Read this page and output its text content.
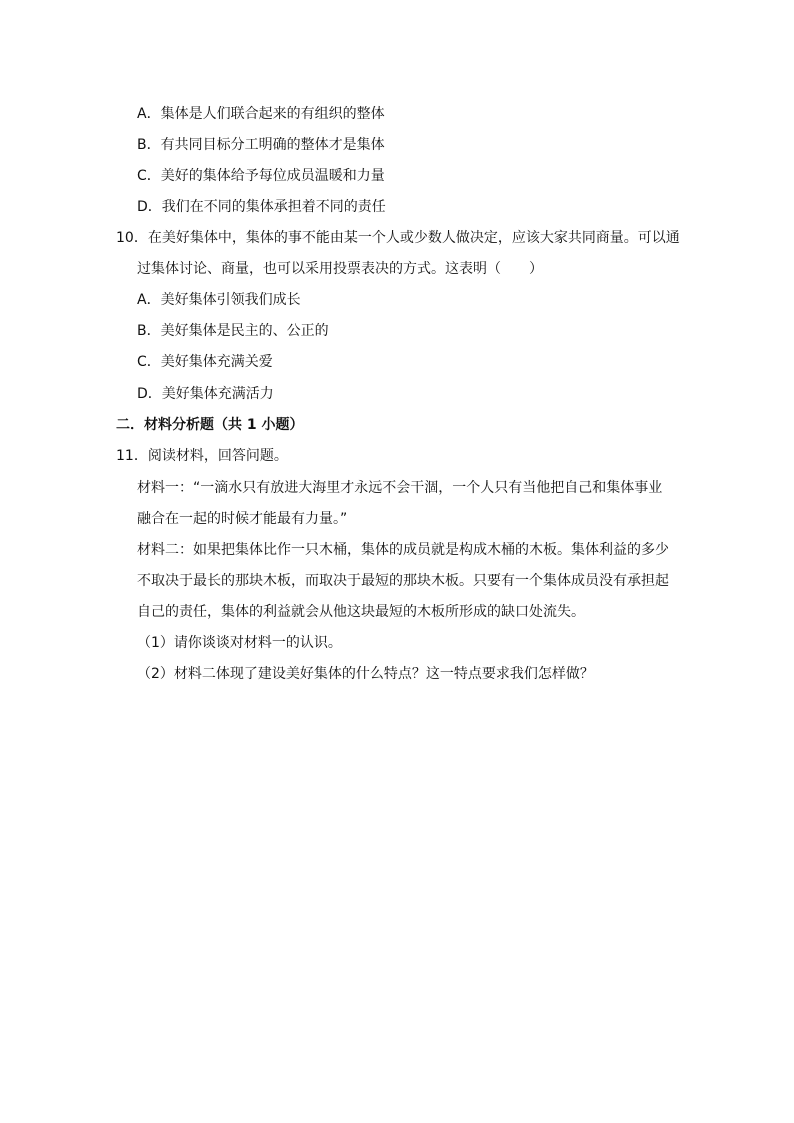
A．集体是人们联合起来的有组织的整体
B．有共同目标分工明确的整体才是集体
C．美好的集体给予每位成员温暖和力量
D．我们在不同的集体承担着不同的责任
10．在美好集体中，集体的事不能由某一个人或少数人做决定，应该大家共同商量。可以通
过集体讨论、商量，也可以采用投票表决的方式。这表明（　　）
A．美好集体引领我们成长
B．美好集体是民主的、公正的
C．美好集体充满关爱
D．美好集体充满活力
二．材料分析题（共 1 小题）
11．阅读材料，回答问题。
材料一：“一滴水只有放进大海里才永远不会干涸，一个人只有当他把自己和集体事业
融合在一起的时候才能最有力量。”
材料二：如果把集体比作一只木桶，集体的成员就是构成木桶的木板。集体利益的多少
不取决于最长的那块木板，而取决于最短的那块木板。只要有一个集体成员没有承担起
自己的责任，集体的利益就会从他这块最短的木板所形成的缺口处流失。
（1）请你谈谈对材料一的认识。
（2）材料二体现了建设美好集体的什么特点？这一特点要求我们怎样做？
